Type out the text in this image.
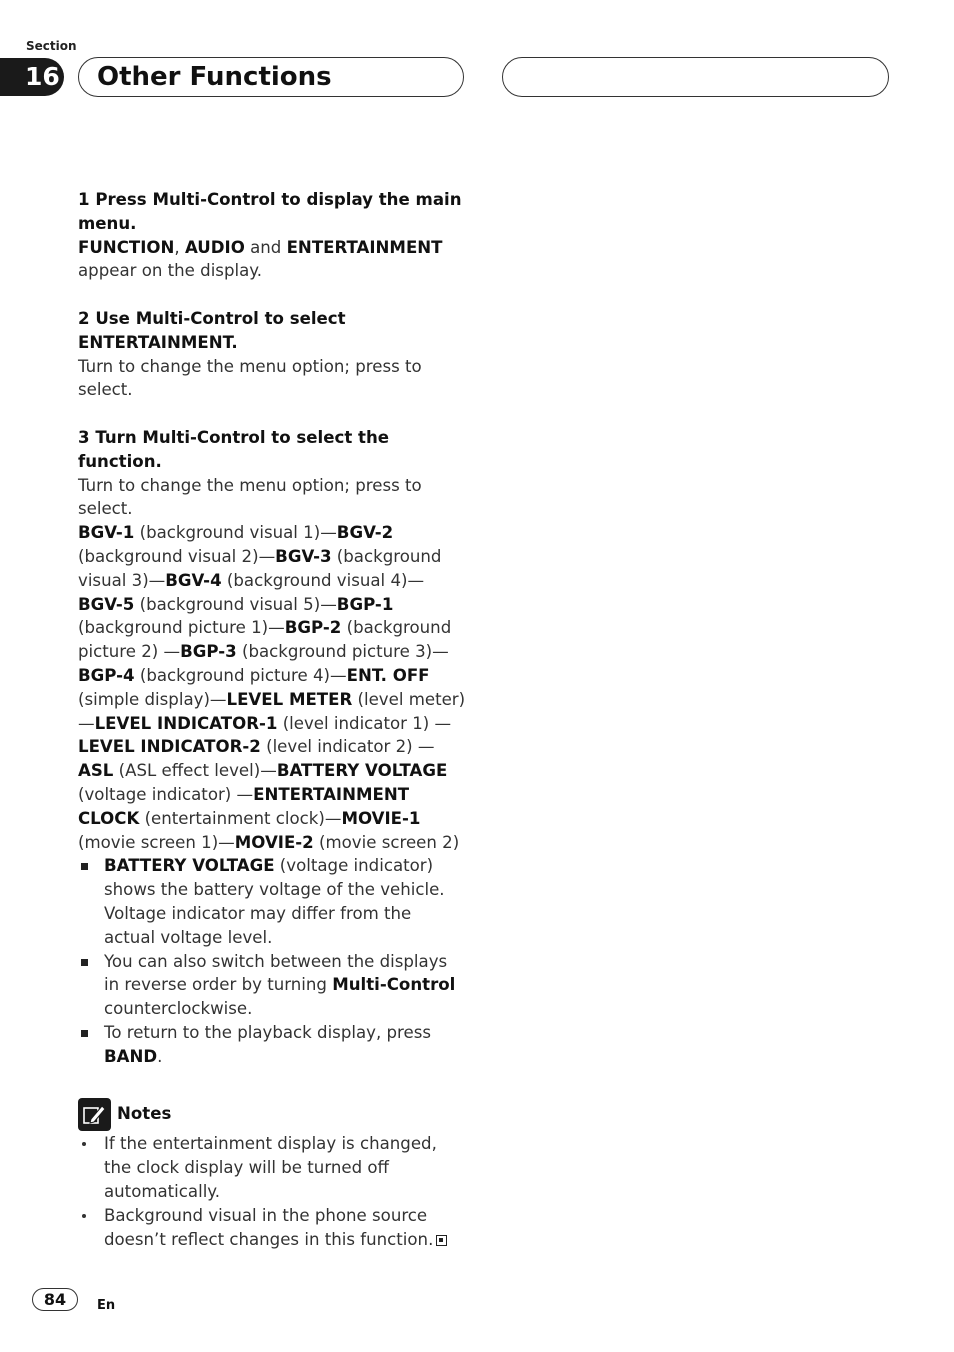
Section
16 Other Functions
1 Press Multi-Control to display the main menu.
FUNCTION, AUDIO and ENTERTAINMENT
appear on the display.
2 Use Multi-Control to select ENTERTAINMENT.
Turn to change the menu option; press to select.
3 Turn Multi-Control to select the function.
Turn to change the menu option; press to select.
BGV-1 (background visual 1)—BGV-2 (background visual 2)—BGV-3 (background visual 3)—BGV-4 (background visual 4)—BGV-5 (background visual 5)—BGP-1 (background picture 1)—BGP-2 (background picture 2) —BGP-3 (background picture 3)—BGP-4 (background picture 4)—ENT. OFF (simple display)—LEVEL METER (level meter) —LEVEL INDICATOR-1 (level indicator 1) —LEVEL INDICATOR-2 (level indicator 2) —ASL (ASL effect level)—BATTERY VOLTAGE (voltage indicator) —ENTERTAINMENT CLOCK (entertainment clock)—MOVIE-1 (movie screen 1)—MOVIE-2 (movie screen 2)
BATTERY VOLTAGE (voltage indicator) shows the battery voltage of the vehicle. Voltage indicator may differ from the actual voltage level.
You can also switch between the displays in reverse order by turning Multi-Control counterclockwise.
To return to the playback display, press BAND.
Notes
If the entertainment display is changed, the clock display will be turned off automatically.
Background visual in the phone source doesn’t reflect changes in this function.
84	En
